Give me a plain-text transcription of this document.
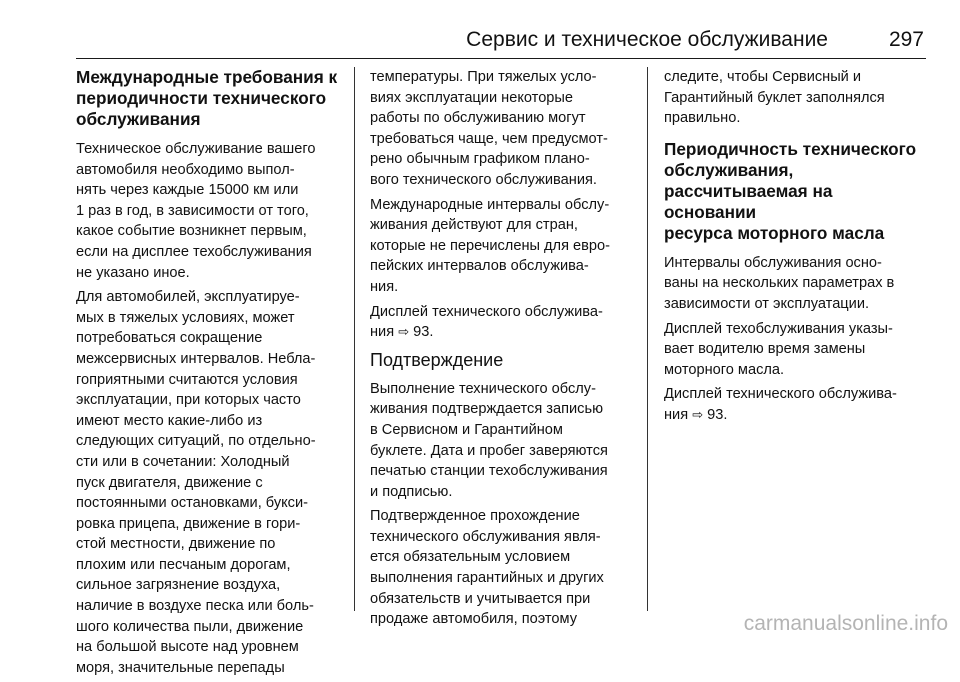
Сервис и техническое обслуживание	297
Международные требования к
периодичности технического
обслуживания

Техническое обслуживание вашего
автомобиля необходимо выпол-
нять через каждые 15000 км или
1 раз в год, в зависимости от того,
какое событие возникнет первым,
если на дисплее техобслуживания
не указано иное.

Для автомобилей, эксплуатируе-
мых в тяжелых условиях, может
потребоваться сокращение
межсервисных интервалов. Небла-
гоприятными считаются условия
эксплуатации, при которых часто
имеют место какие-либо из
следующих ситуаций, по отдельно-
сти или в сочетании: Холодный
пуск двигателя, движение с
постоянными остановками, букси-
ровка прицепа, движение в гори-
стой местности, движение по
плохим или песчаным дорогам,
сильное загрязнение воздуха,
наличие в воздухе песка или боль-
шого количества пыли, движение
на большой высоте над уровнем
моря, значительные перепады

температуры. При тяжелых усло-
виях эксплуатации некоторые
работы по обслуживанию могут
требоваться чаще, чем предусмот-
рено обычным графиком плано-
вого технического обслуживания.

Международные интервалы обслу-
живания действуют для стран,
которые не перечислены для евро-
пейских интервалов обслужива-
ния.

Дисплей технического обслужива-
ния ⇨ 93.

Подтверждение

Выполнение технического обслу-
живания подтверждается записью
в Сервисном и Гарантийном
буклете. Дата и пробег заверяются
печатью станции техобслуживания
и подписью.

Подтвержденное прохождение
технического обслуживания явля-
ется обязательным условием
выполнения гарантийных и других
обязательств и учитывается при
продаже автомобиля, поэтому

следите, чтобы Сервисный и
Гарантийный буклет заполнялся
правильно.

Периодичность технического
обслуживания,
рассчитываемая на основании
ресурса моторного масла

Интервалы обслуживания осно-
ваны на нескольких параметрах в
зависимости от эксплуатации.

Дисплей техобслуживания указы-
вает водителю время замены
моторного масла.

Дисплей технического обслужива-
ния ⇨ 93.

carmanualsonline.info
